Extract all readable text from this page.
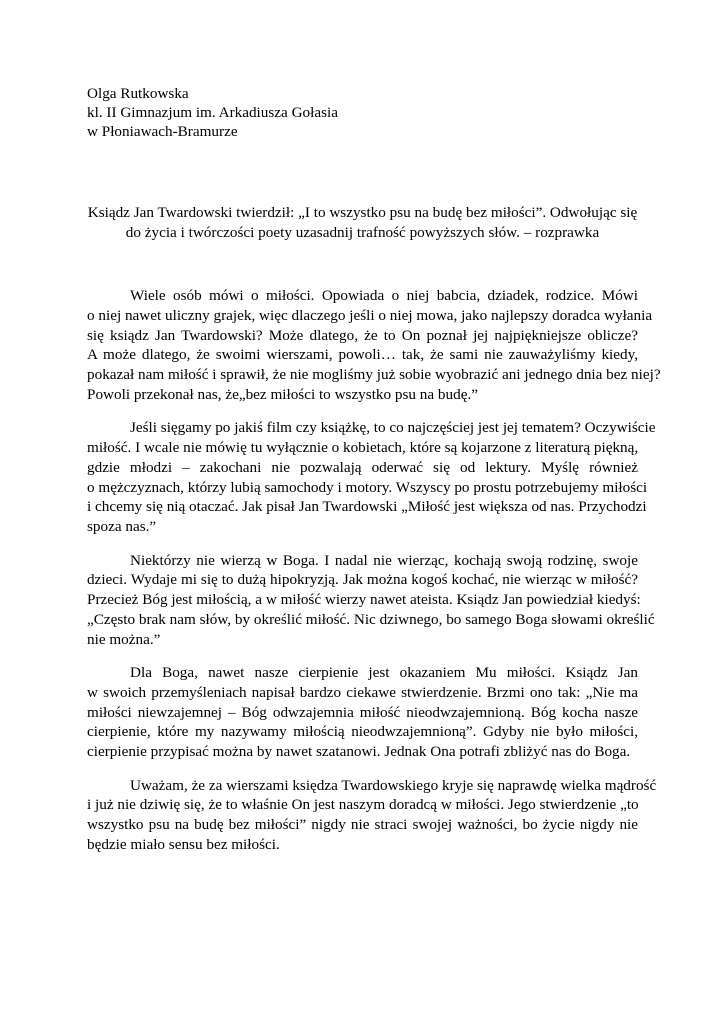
Olga Rutkowska
kl. II Gimnazjum im. Arkadiusza Gołasia
w Płoniawach-Bramurze
Ksiądz Jan Twardowski twierdził: „I to wszystko psu na budę bez miłości”. Odwołując się
do życia i twórczości poety uzasadnij trafność powyższych słów. – rozprawka

Wiele osób mówi o miłości. Opowiada o niej babcia, dziadek, rodzice. Mówi
o niej nawet uliczny grajek, więc dlaczego jeśli o niej mowa, jako najlepszy doradca wyłania
się ksiądz Jan Twardowski? Może dlatego, że to On poznał jej najpiękniejsze oblicze?
A może dlatego, że swoimi wierszami, powoli… tak, że sami nie zauważyliśmy kiedy,
pokazał nam miłość i sprawił, że nie mogliśmy już sobie wyobrazić ani jednego dnia bez niej?
Powoli przekonał nas, że„bez miłości to wszystko psu na budę.”

Jeśli sięgamy po jakiś film czy książkę, to co najczęściej jest jej tematem? Oczywiście
miłość. I wcale nie mówię tu wyłącznie o kobietach, które są kojarzone z literaturą piękną,
gdzie młodzi – zakochani nie pozwalają oderwać się od lektury. Myślę również
o mężczyznach, którzy lubią samochody i motory. Wszyscy po prostu potrzebujemy miłości
i chcemy się nią otaczać. Jak pisał Jan Twardowski „Miłość jest większa od nas. Przychodzi
spoza nas.”

Niektórzy nie wierzą w Boga. I nadal nie wierząc, kochają swoją rodzinę, swoje
dzieci. Wydaje mi się to dużą hipokryzją. Jak można kogoś kochać, nie wierząc w miłość?
Przecież Bóg jest miłością, a w miłość wierzy nawet ateista. Ksiądz Jan powiedział kiedyś:
„Często brak nam słów, by określić miłość. Nic dziwnego, bo samego Boga słowami określić
nie można.”

Dla Boga, nawet nasze cierpienie jest okazaniem Mu miłości. Ksiądz Jan
w swoich przemyśleniach napisał bardzo ciekawe stwierdzenie. Brzmi ono tak: „Nie ma
miłości niewzajemnej – Bóg odwzajemnia miłość nieodwzajemnioną. Bóg kocha nasze
cierpienie, które my nazywamy miłością nieodwzajemnioną”. Gdyby nie było miłości,
cierpienie przypisać można by nawet szatanowi. Jednak Ona potrafi zbliżyć nas do Boga.

Uważam, że za wierszami księdza Twardowskiego kryje się naprawdę wielka mądrość
i już nie dziwię się, że to właśnie On jest naszym doradcą w miłości. Jego stwierdzenie „to
wszystko psu na budę bez miłości” nigdy nie straci swojej ważności, bo życie nigdy nie
będzie miało sensu bez miłości.
